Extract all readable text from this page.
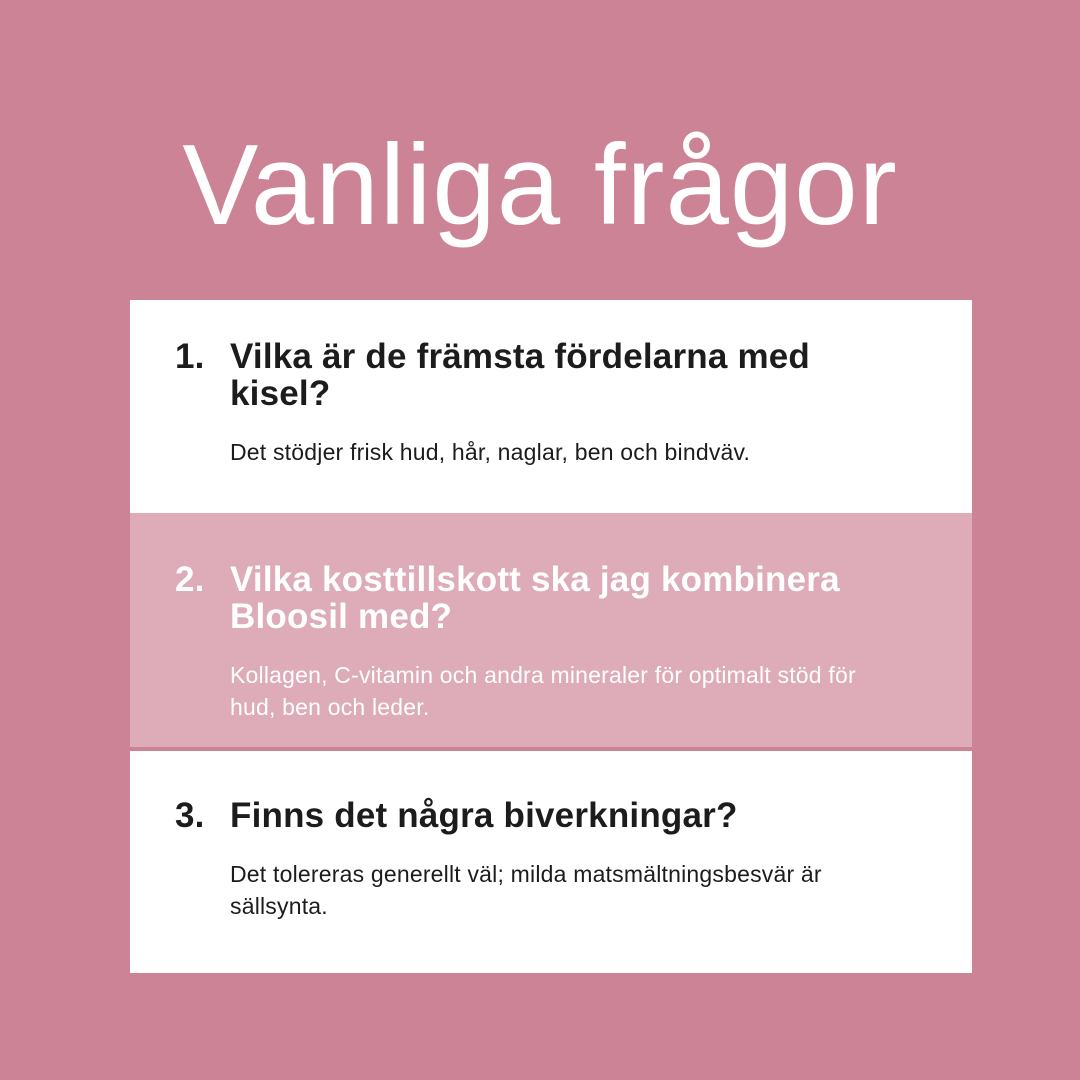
Vanliga frågor
1. Vilka är de främsta fördelarna med kisel?

Det stödjer frisk hud, hår, naglar, ben och bindväv.

2. Vilka kosttillskott ska jag kombinera Bloosil med?

Kollagen, C-vitamin och andra mineraler för optimalt stöd för hud, ben och leder.

3. Finns det några biverkningar?

Det tolereras generellt väl; milda matsmältningsbesvär är sällsynta.
